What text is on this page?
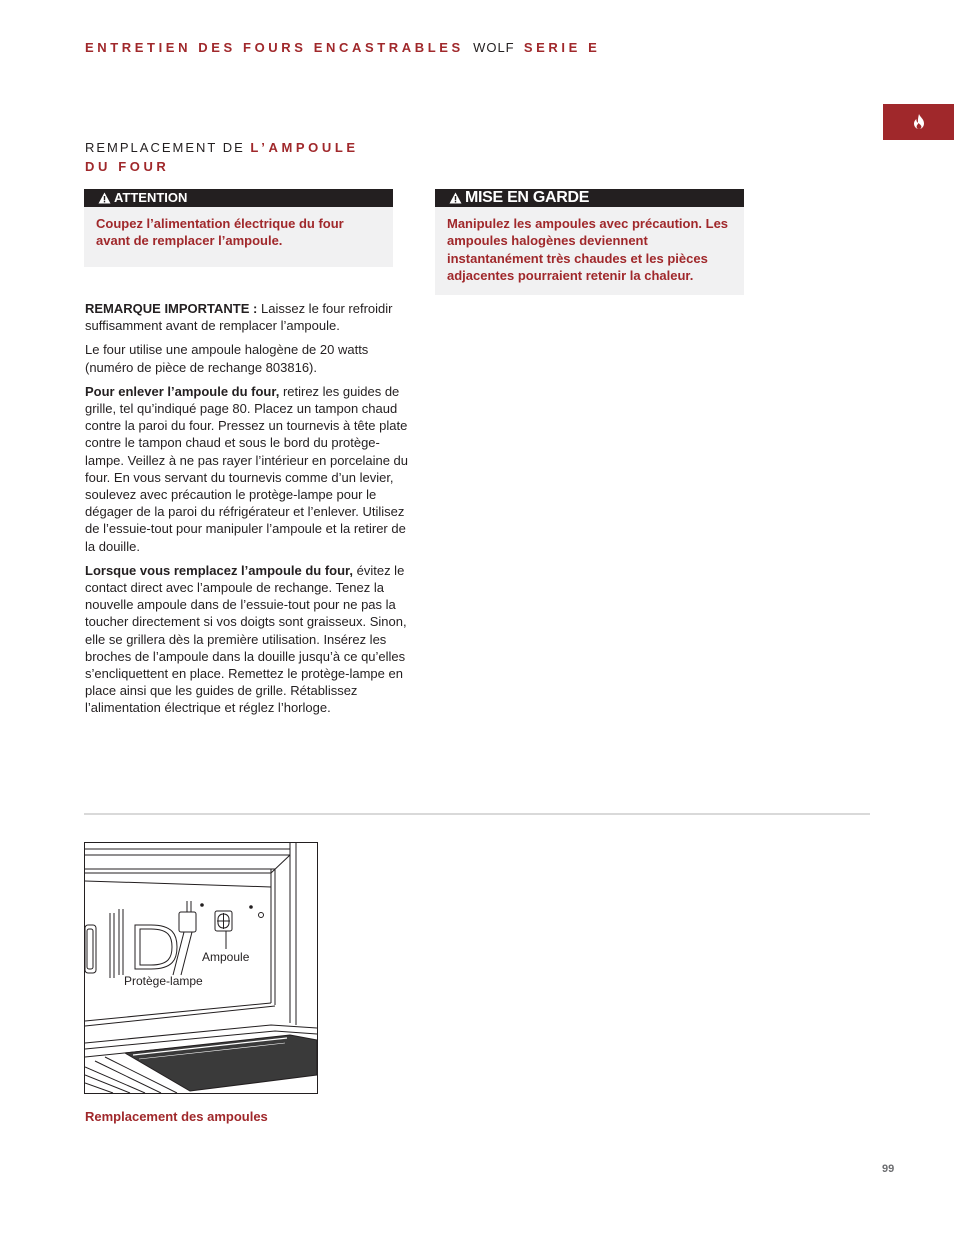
ENTRETIEN DES FOURS ENCASTRABLES WOLF SERIE E
REMPLACEMENT DE L’AMPOULE
DU FOUR
ATTENTION
Coupez l’alimentation électrique du four avant de remplacer l’ampoule.
MISE EN GARDE
Manipulez les ampoules avec précaution. Les ampoules halogènes deviennent instantanément très chaudes et les pièces adjacentes pourraient retenir la chaleur.

REMARQUE IMPORTANTE : Laissez le four refroidir suffisamment avant de remplacer l’ampoule.

Le four utilise une ampoule halogène de 20 watts (numéro de pièce de rechange 803816).

Pour enlever l’ampoule du four, retirez les guides de grille, tel qu’indiqué page 80. Placez un tampon chaud contre la paroi du four. Pressez un tournevis à tête plate contre le tampon chaud et sous le bord du protège-lampe. Veillez à ne pas rayer l’intérieur en porcelaine du four. En vous servant du tournevis comme d’un levier, soulevez avec précaution le protège-lampe pour le dégager de la paroi du réfrigérateur et l’enlever. Utilisez de l’essuie-tout pour manipuler l’ampoule et la retirer de la douille.

Lorsque vous remplacez l’ampoule du four, évitez le contact direct avec l’ampoule de rechange. Tenez la nouvelle ampoule dans de l’essuie-tout pour ne pas la toucher directement si vos doigts sont graisseux. Sinon, elle se grillera dès la première utilisation. Insérez les broches de l’ampoule dans la douille jusqu’à ce qu’elles s’encliquettent en place. Remettez le protège-lampe en place ainsi que les guides de grille. Rétablissez l’alimentation électrique et réglez l’horloge.

Ampoule
Protège-lampe
Remplacement des ampoules
99
